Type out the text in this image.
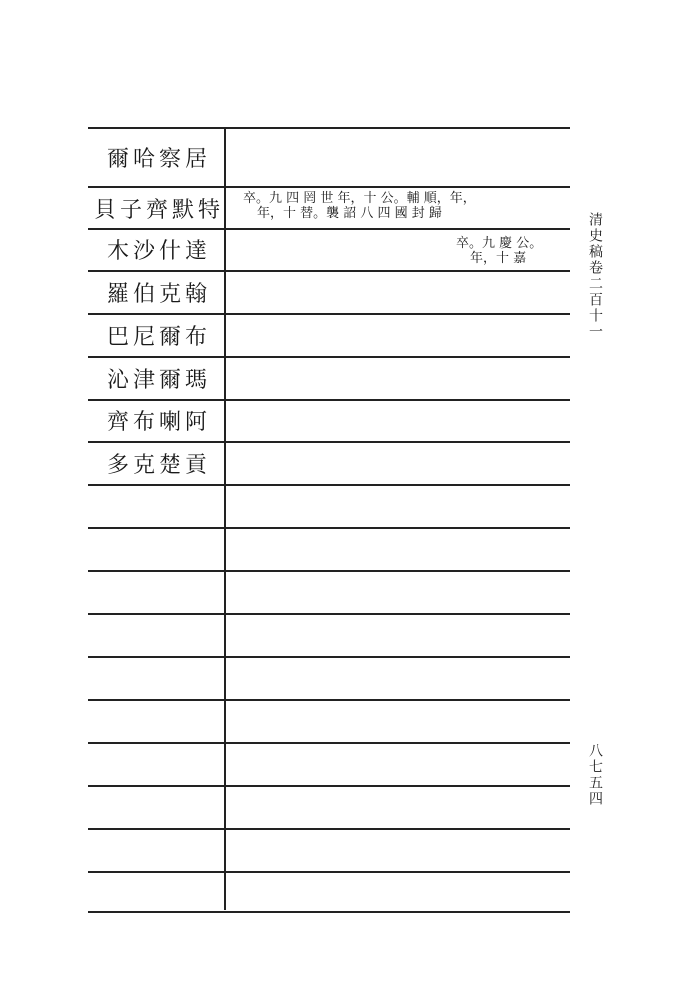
爾哈察居
貝子齊默特
木沙什達
羅伯克翰
巴尼爾布
沁津爾瑪
齊布喇阿
多克楚貢
卒。九 四 罔 世 年，十 公。輔 順，年，
年，十 替。襲 詔 八 四 國 封 歸
卒。九 慶 公。
年，十 嘉	清史稿卷二百十一
八七五四
